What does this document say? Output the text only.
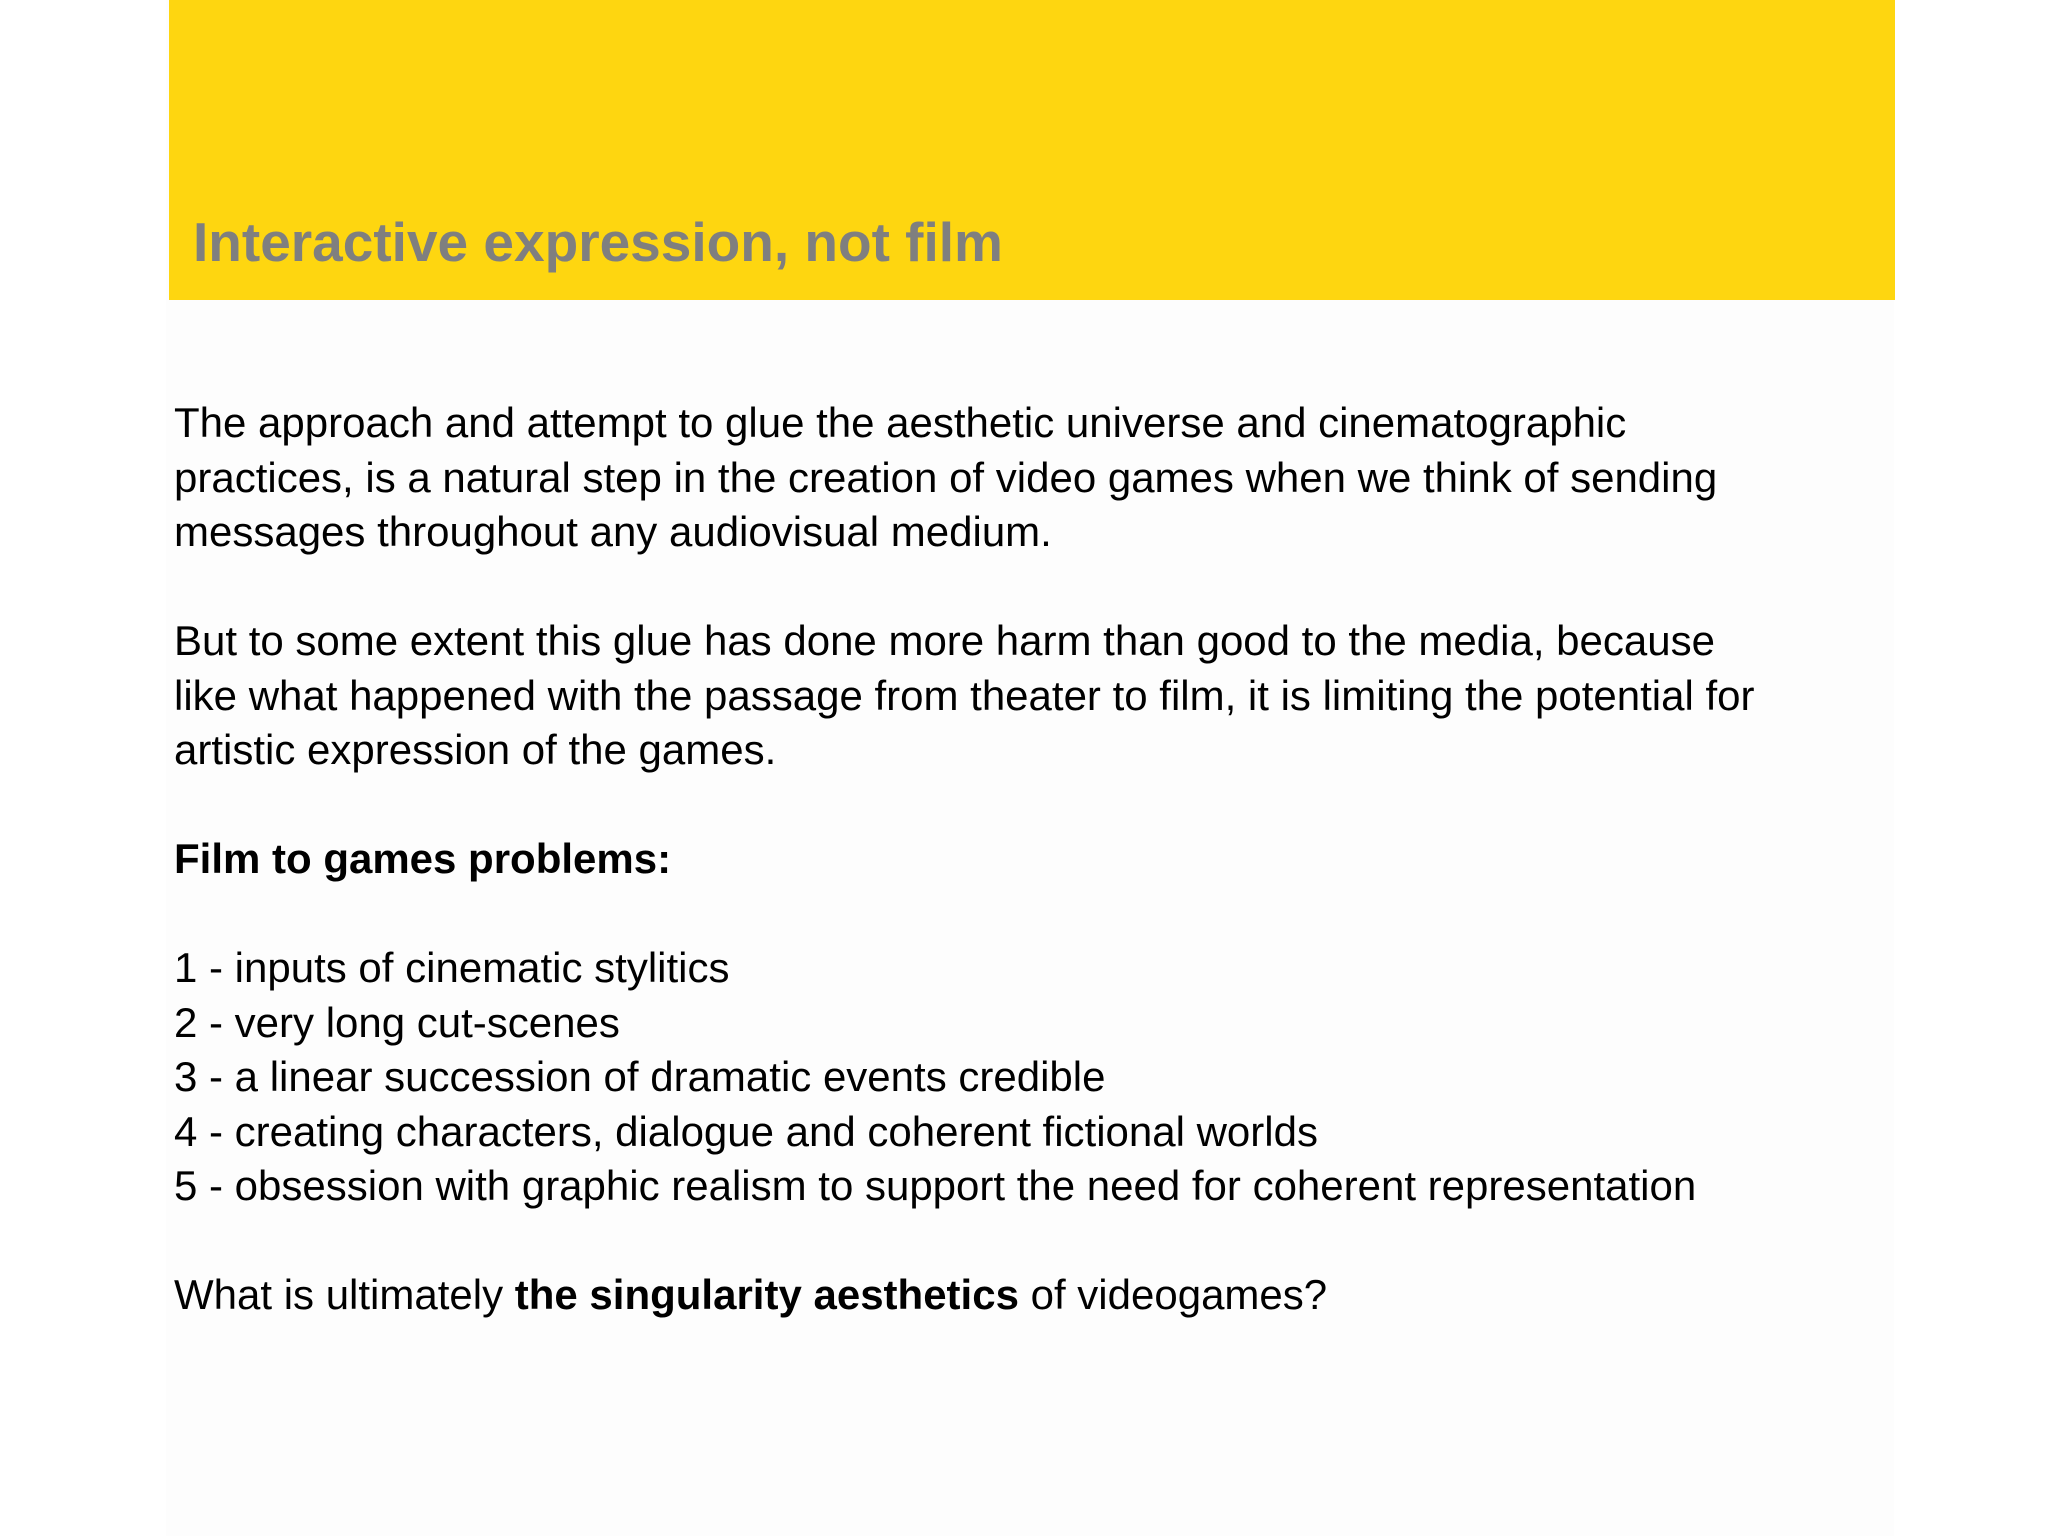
Interactive expression, not film

The approach and attempt to glue the aesthetic universe and cinematographic
practices, is a natural step in the creation of video games when we think of sending
messages throughout any audiovisual medium.

But to some extent this glue has done more harm than good to the media, because
like what happened with the passage from theater to film, it is limiting the potential for
artistic expression of the games.

Film to games problems:

1 - inputs of cinematic stylitics
2 - very long cut-scenes
3 - a linear succession of dramatic events credible
4 - creating characters, dialogue and coherent fictional worlds
5 - obsession with graphic realism to support the need for coherent representation

What is ultimately the singularity aesthetics of videogames?
